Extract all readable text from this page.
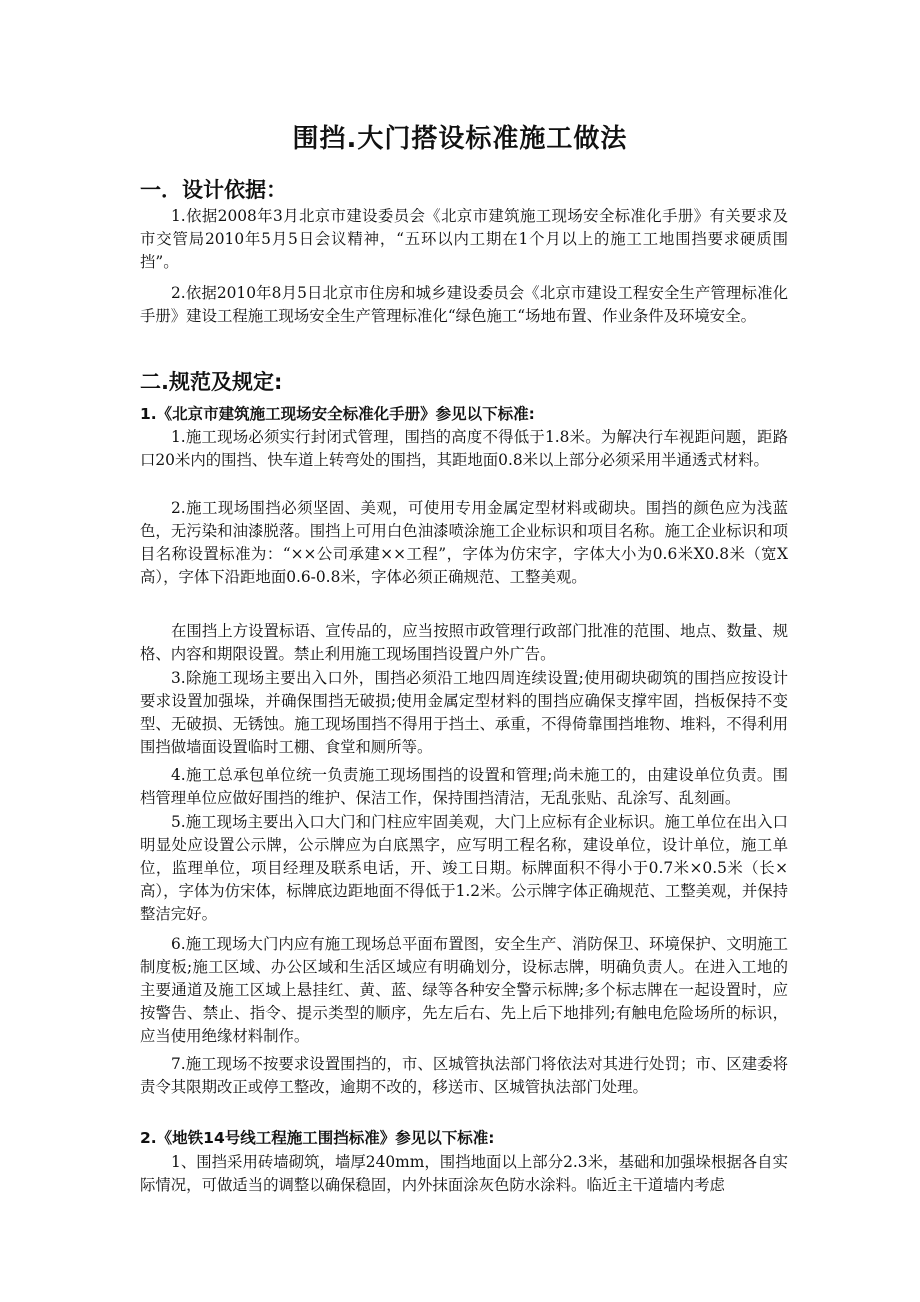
围挡.大门搭设标准施工做法
一．设计依据：

1.依据2008年3月北京市建设委员会《北京市建筑施工现场安全标准化手册》有关要求及市交管局2010年5月5日会议精神，“五环以内工期在1个月以上的施工工地围挡要求硬质围挡”。

2.依据2010年8月5日北京市住房和城乡建设委员会《北京市建设工程安全生产管理标准化手册》建设工程施工现场安全生产管理标准化“绿色施工“场地布置、作业条件及环境安全。

二.规范及规定:
1.《北京市建筑施工现场安全标准化手册》参见以下标准:

1.施工现场必须实行封闭式管理，围挡的高度不得低于1.8米。为解决行车视距问题，距路口20米内的围挡、快车道上转弯处的围挡，其距地面0.8米以上部分必须采用半通透式材料。

2.施工现场围挡必须坚固、美观，可使用专用金属定型材料或砌块。围挡的颜色应为浅蓝色，无污染和油漆脱落。围挡上可用白色油漆喷涂施工企业标识和项目名称。施工企业标识和项目名称设置标准为：“××公司承建××工程”，字体为仿宋字，字体大小为0.6米X0.8米（宽X高），字体下沿距地面0.6-0.8米，字体必须正确规范、工整美观。

在围挡上方设置标语、宣传品的，应当按照市政管理行政部门批准的范围、地点、数量、规格、内容和期限设置。禁止利用施工现场围挡设置户外广告。

3.除施工现场主要出入口外，围挡必须沿工地四周连续设置;使用砌块砌筑的围挡应按设计要求设置加强垛，并确保围挡无破损;使用金属定型材料的围挡应确保支撑牢固，挡板保持不变型、无破损、无锈蚀。施工现场围挡不得用于挡土、承重，不得倚靠围挡堆物、堆料，不得利用围挡做墙面设置临时工棚、食堂和厕所等。

4.施工总承包单位统一负责施工现场围挡的设置和管理;尚未施工的，由建设单位负责。围档管理单位应做好围挡的维护、保洁工作，保持围挡清洁，无乱张贴、乱涂写、乱刻画。

5.施工现场主要出入口大门和门柱应牢固美观，大门上应标有企业标识。施工单位在出入口明显处应设置公示牌，公示牌应为白底黑字，应写明工程名称，建设单位，设计单位，施工单位，监理单位，项目经理及联系电话，开、竣工日期。标牌面积不得小于0.7米×0.5米（长×高），字体为仿宋体，标牌底边距地面不得低于1.2米。公示牌字体正确规范、工整美观，并保持整洁完好。

6.施工现场大门内应有施工现场总平面布置图，安全生产、消防保卫、环境保护、文明施工制度板;施工区域、办公区域和生活区域应有明确划分，设标志牌，明确负责人。在进入工地的主要通道及施工区域上悬挂红、黄、蓝、绿等各种安全警示标牌;多个标志牌在一起设置时，应按警告、禁止、指令、提示类型的顺序，先左后右、先上后下地排列;有触电危险场所的标识，应当使用绝缘材料制作。

7.施工现场不按要求设置围挡的，市、区城管执法部门将依法对其进行处罚；市、区建委将责令其限期改正或停工整改，逾期不改的，移送市、区城管执法部门处理。

2.《地铁14号线工程施工围挡标准》参见以下标准:

1、围挡采用砖墙砌筑，墙厚240mm，围挡地面以上部分2.3米，基础和加强垛根据各自实际情况，可做适当的调整以确保稳固，内外抹面涂灰色防水涂料。临近主干道墙内考虑
